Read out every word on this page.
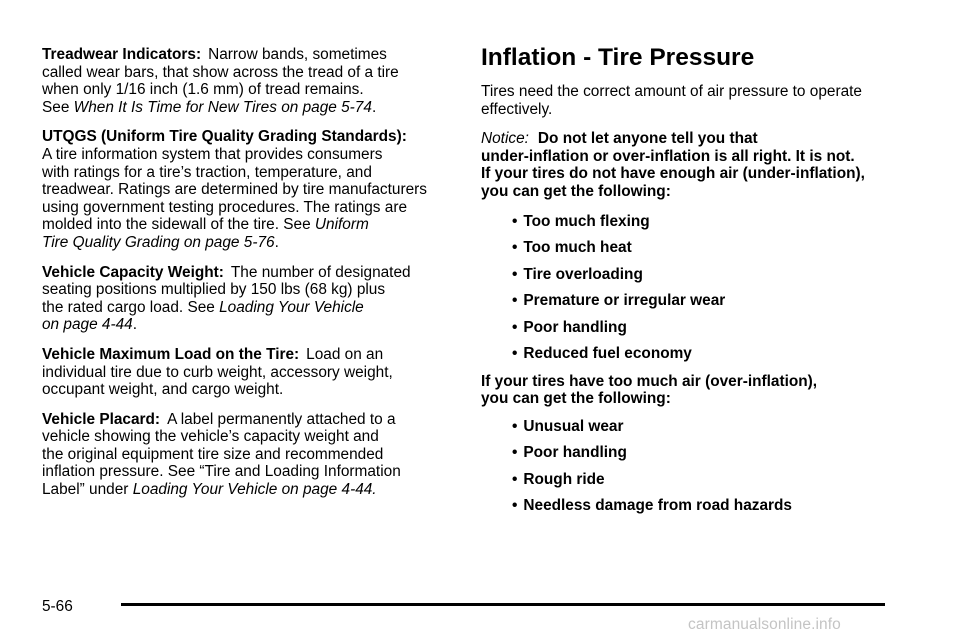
Treadwear Indicators: Narrow bands, sometimes
called wear bars, that show across the tread of a tire
when only 1/16 inch (1.6 mm) of tread remains.
See When It Is Time for New Tires on page 5-74.
UTQGS (Uniform Tire Quality Grading Standards):
A tire information system that provides consumers
with ratings for a tire’s traction, temperature, and
treadwear. Ratings are determined by tire manufacturers
using government testing procedures. The ratings are
molded into the sidewall of the tire. See Uniform
Tire Quality Grading on page 5-76.
Vehicle Capacity Weight: The number of designated
seating positions multiplied by 150 lbs (68 kg) plus
the rated cargo load. See Loading Your Vehicle
on page 4-44.
Vehicle Maximum Load on the Tire: Load on an
individual tire due to curb weight, accessory weight,
occupant weight, and cargo weight.
Vehicle Placard: A label permanently attached to a
vehicle showing the vehicle’s capacity weight and
the original equipment tire size and recommended
inflation pressure. See “Tire and Loading Information
Label” under Loading Your Vehicle on page 4-44.
Inflation - Tire Pressure
Tires need the correct amount of air pressure to operate
effectively.
Notice: Do not let anyone tell you that
under-inflation or over-inflation is all right. It is not.
If your tires do not have enough air (under-inflation),
you can get the following:
• Too much flexing
• Too much heat
• Tire overloading
• Premature or irregular wear
• Poor handling
• Reduced fuel economy
If your tires have too much air (over-inflation),
you can get the following:
• Unusual wear
• Poor handling
• Rough ride
• Needless damage from road hazards
5-66
carmanualsonline.info
